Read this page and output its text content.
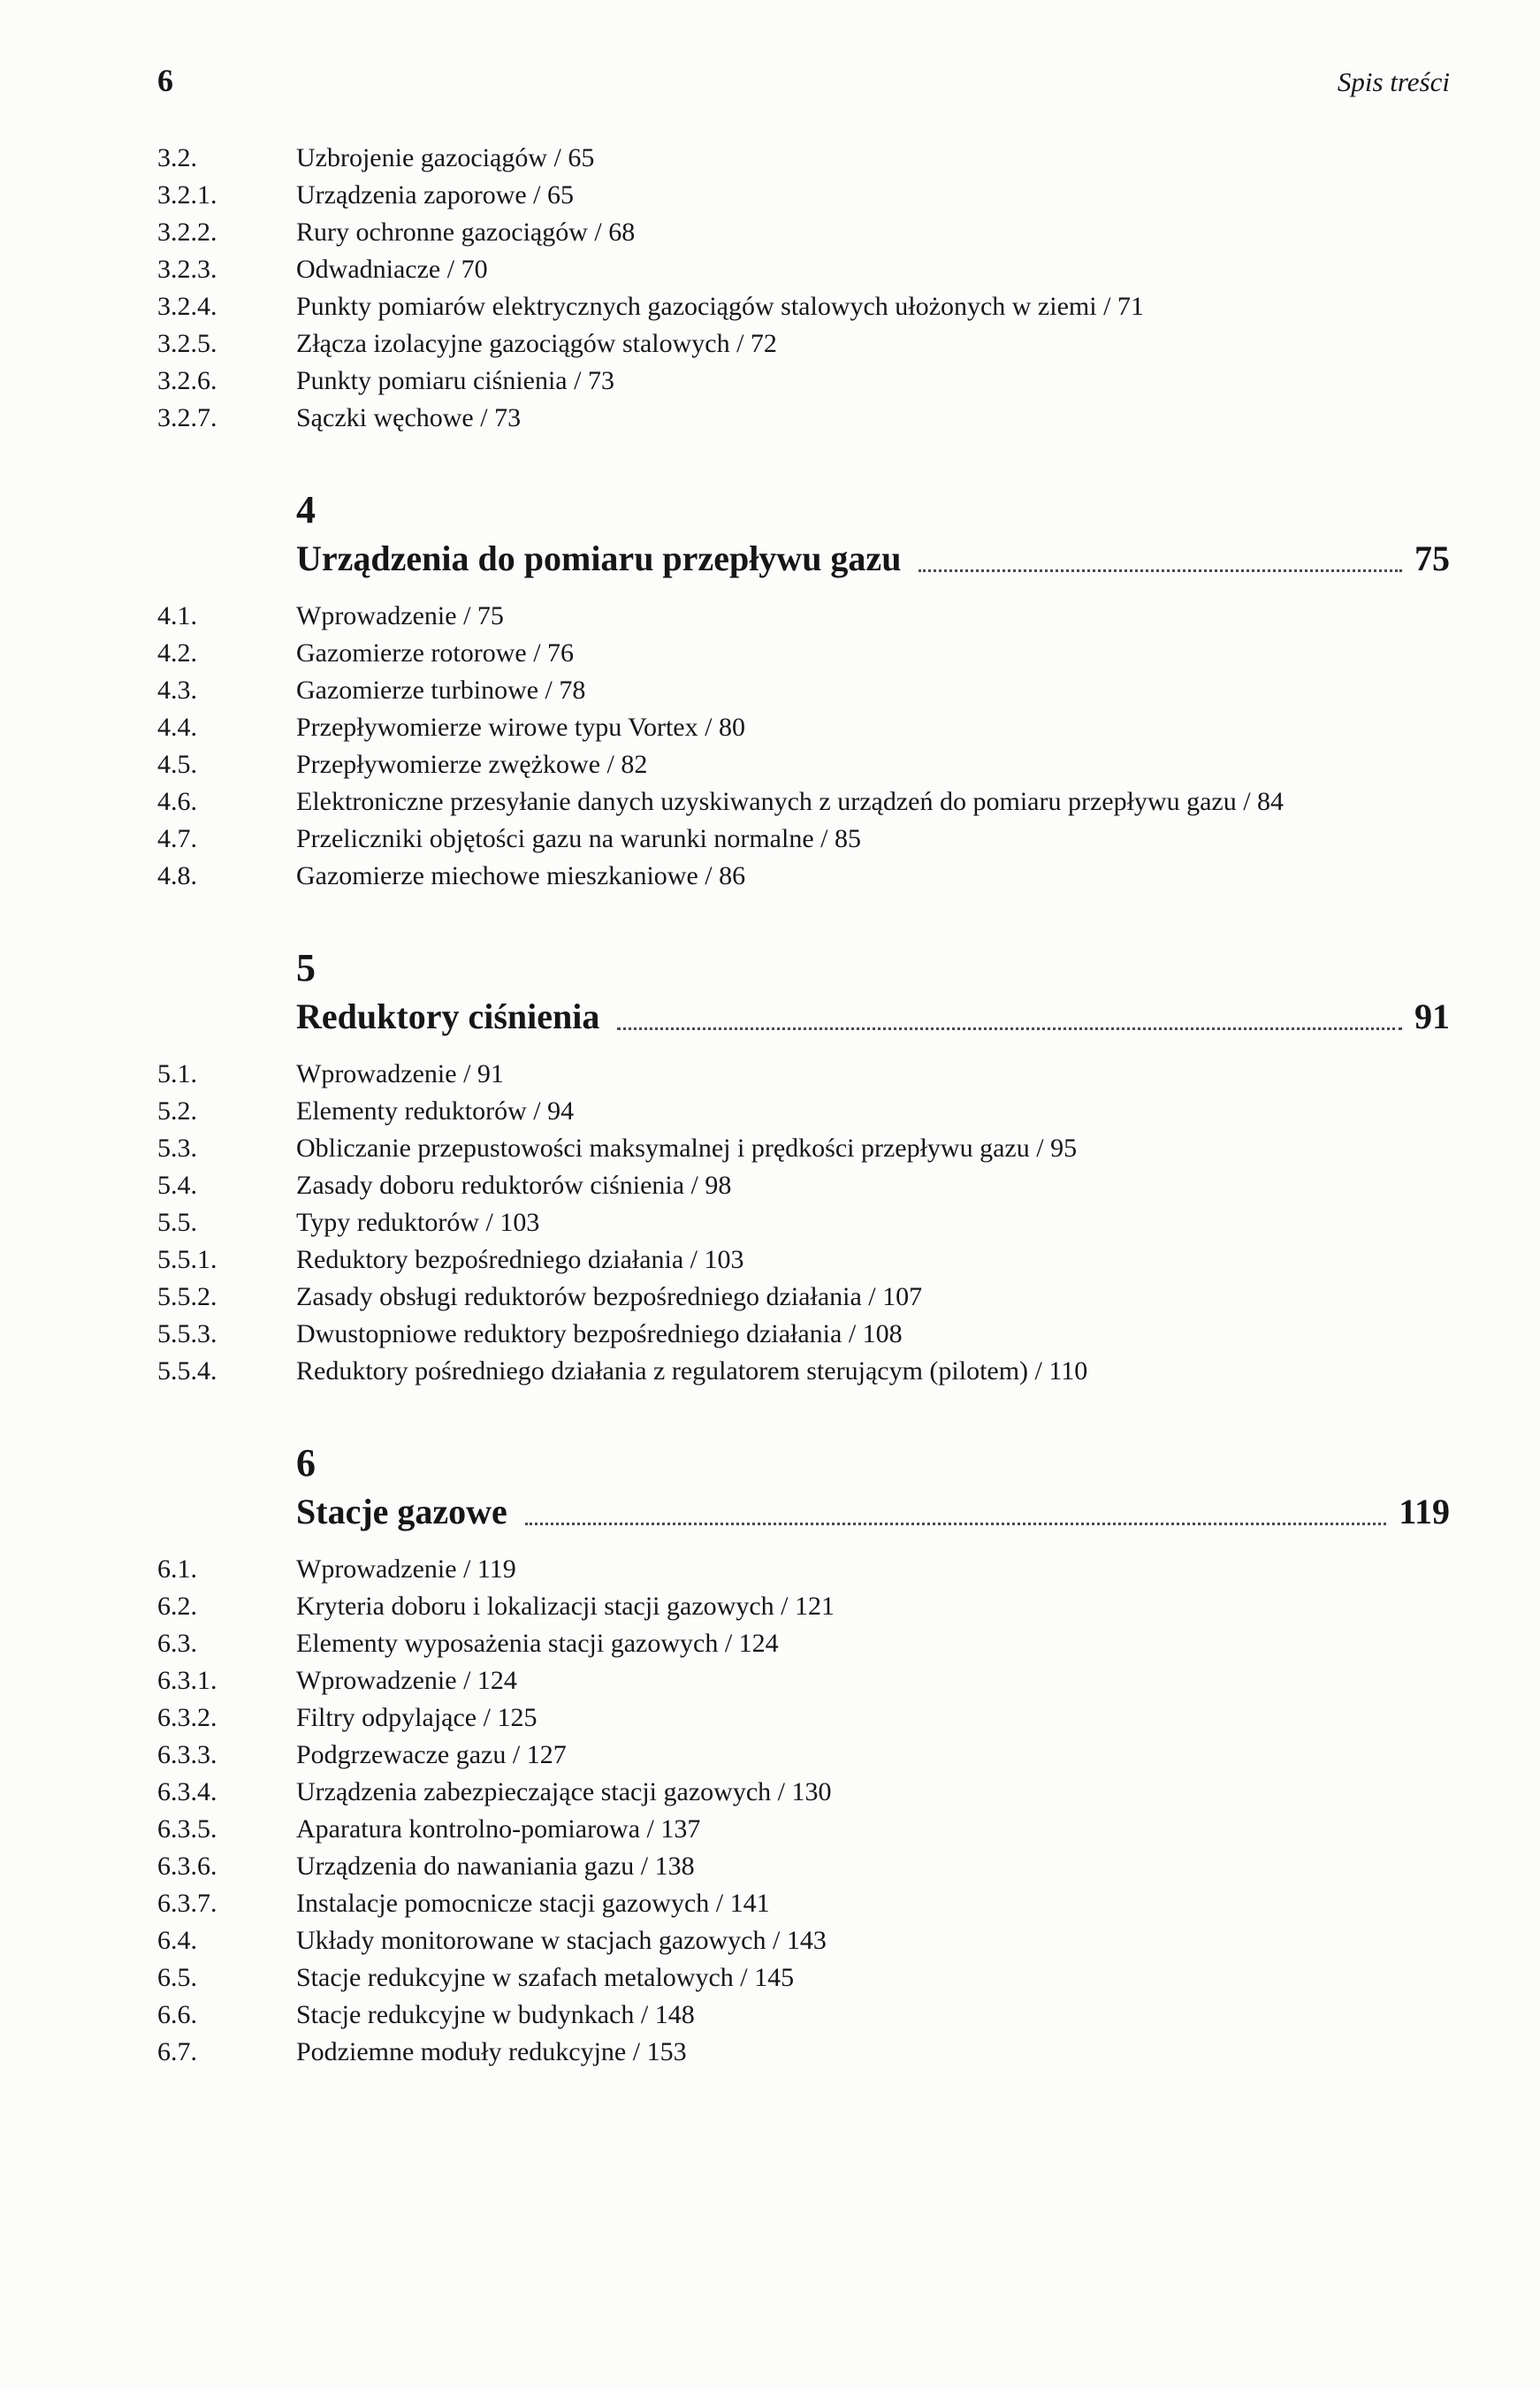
6	Spis treści
3.2.	Uzbrojenie gazociągów / 65
3.2.1.	Urządzenia zaporowe / 65
3.2.2.	Rury ochronne gazociągów / 68
3.2.3.	Odwadniacze / 70
3.2.4.	Punkty pomiarów elektrycznych gazociągów stalowych ułożonych w ziemi / 71
3.2.5.	Złącza izolacyjne gazociągów stalowych / 72
3.2.6.	Punkty pomiaru ciśnienia / 73
3.2.7.	Sączki węchowe / 73
4
Urządzenia do pomiaru przepływu gazu	75
4.1.	Wprowadzenie / 75
4.2.	Gazomierze rotorowe / 76
4.3.	Gazomierze turbinowe / 78
4.4.	Przepływomierze wirowe typu Vortex / 80
4.5.	Przepływomierze zwężkowe / 82
4.6.	Elektroniczne przesyłanie danych uzyskiwanych z urządzeń do pomiaru przepływu gazu / 84
4.7.	Przeliczniki objętości gazu na warunki normalne / 85
4.8.	Gazomierze miechowe mieszkaniowe / 86
5
Reduktory ciśnienia	91
5.1.	Wprowadzenie / 91
5.2.	Elementy reduktorów / 94
5.3.	Obliczanie przepustowości maksymalnej i prędkości przepływu gazu / 95
5.4.	Zasady doboru reduktorów ciśnienia / 98
5.5.	Typy reduktorów / 103
5.5.1.	Reduktory bezpośredniego działania / 103
5.5.2.	Zasady obsługi reduktorów bezpośredniego działania / 107
5.5.3.	Dwustopniowe reduktory bezpośredniego działania / 108
5.5.4.	Reduktory pośredniego działania z regulatorem sterującym (pilotem) / 110
6
Stacje gazowe	119
6.1.	Wprowadzenie / 119
6.2.	Kryteria doboru i lokalizacji stacji gazowych / 121
6.3.	Elementy wyposażenia stacji gazowych / 124
6.3.1.	Wprowadzenie / 124
6.3.2.	Filtry odpylające / 125
6.3.3.	Podgrzewacze gazu / 127
6.3.4.	Urządzenia zabezpieczające stacji gazowych / 130
6.3.5.	Aparatura kontrolno-pomiarowa / 137
6.3.6.	Urządzenia do nawaniania gazu / 138
6.3.7.	Instalacje pomocnicze stacji gazowych / 141
6.4.	Układy monitorowane w stacjach gazowych / 143
6.5.	Stacje redukcyjne w szafach metalowych / 145
6.6.	Stacje redukcyjne w budynkach / 148
6.7.	Podziemne moduły redukcyjne / 153
